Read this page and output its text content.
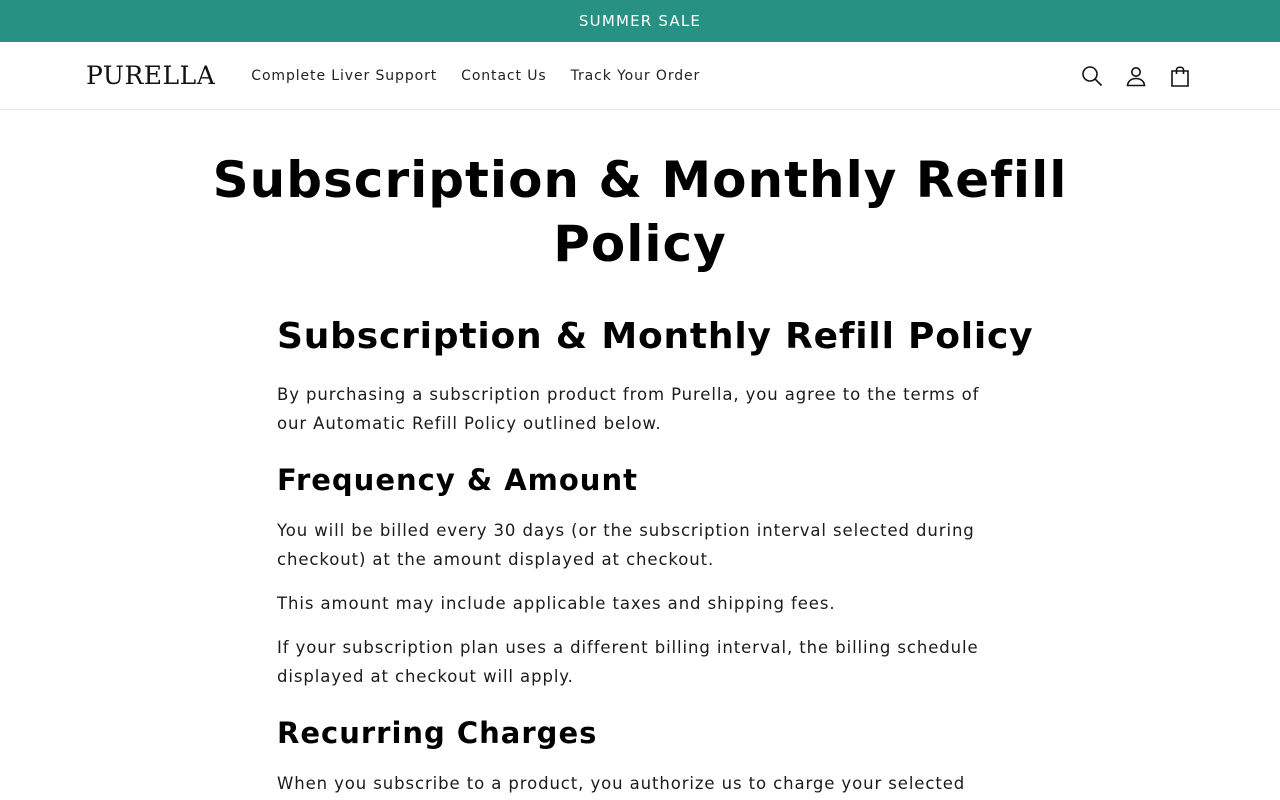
SUMMER SALE
PURELLA	Complete Liver Support Contact Us Track Your Order
Subscription & Monthly Refill Policy
Subscription & Monthly Refill Policy

By purchasing a subscription product from Purella, you agree to the terms of our Automatic Refill Policy outlined below.

Frequency & Amount

You will be billed every 30 days (or the subscription interval selected during checkout) at the amount displayed at checkout.

This amount may include applicable taxes and shipping fees.

If your subscription plan uses a different billing interval, the billing schedule displayed at checkout will apply.

Recurring Charges

When you subscribe to a product, you authorize us to charge your selected
